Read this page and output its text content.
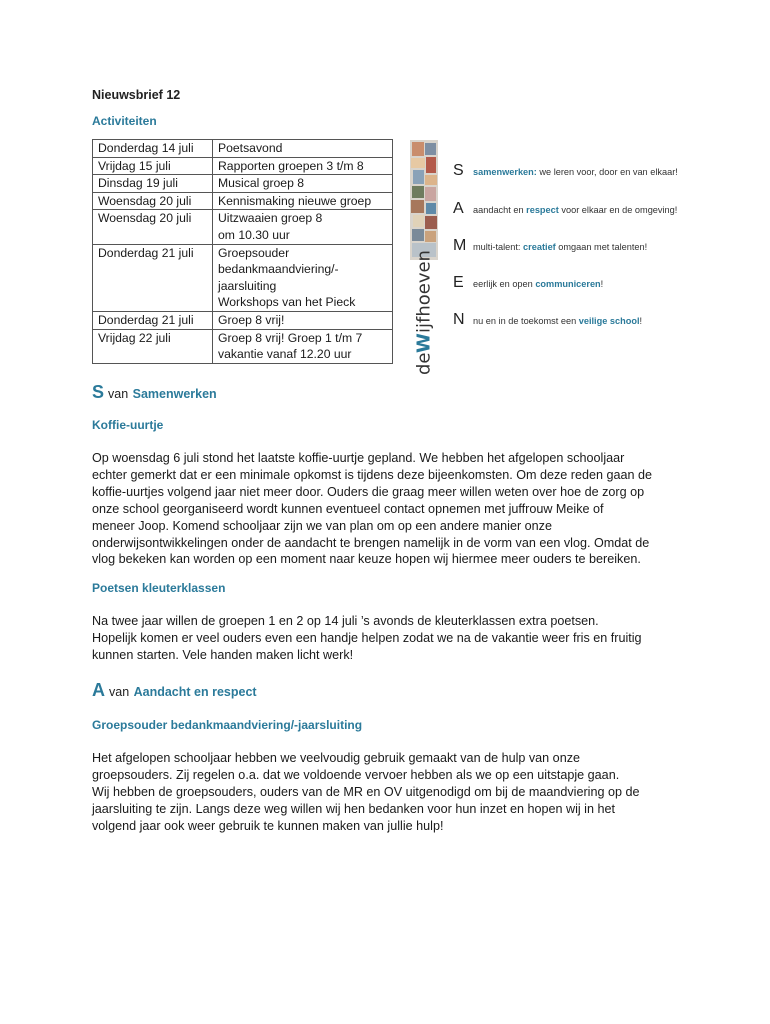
Nieuwsbrief 12
Activiteiten
Donderdag 14 juli	Poetsavond

Vrijdag 15 juli	Rapporten groepen 3 t/m 8

Dinsdag 19 juli	Musical groep 8

Woensdag 20 juli	Kennismaking nieuwe groep

Woensdag 20 juli	Uitzwaaien groep 8
om 10.30 uur

Donderdag 21 juli	Groepsouder
bedankmaandviering/-
jaarsluiting
Workshops van het Pieck

Donderdag 21 juli	Groep 8 vrij!

Vrijdag 22 juli	Groep 8 vrij! Groep 1 t/m 7
vakantie vanaf 12.20 uur	de
W
ijfhoeven
S	samenwerken: we leren voor, door en van elkaar!
A	aandacht en respect voor elkaar en de omgeving!
M multi-talent: creatief omgaan met talenten!
E	eerlijk en open communiceren!
N nu en in de toekomst een veilige school!
S van Samenwerken
Koffie-uurtje

Op woensdag 6 juli stond het laatste koffie-uurtje gepland. We hebben het afgelopen schooljaar
echter gemerkt dat er een minimale opkomst is tijdens deze bijeenkomsten. Om deze reden gaan de
koffie-uurtjes volgend jaar niet meer door. Ouders die graag meer willen weten over hoe de zorg op
onze school georganiseerd wordt kunnen eventueel contact opnemen met juffrouw Meike of
meneer Joop. Komend schooljaar zijn we van plan om op een andere manier onze
onderwijsontwikkelingen onder de aandacht te brengen namelijk in de vorm van een vlog. Omdat de
vlog bekeken kan worden op een moment naar keuze hopen wij hiermee meer ouders te bereiken.

Poetsen kleuterklassen

Na twee jaar willen de groepen 1 en 2 op 14 juli ’s avonds de kleuterklassen extra poetsen.
Hopelijk komen er veel ouders even een handje helpen zodat we na de vakantie weer fris en fruitig
kunnen starten. Vele handen maken licht werk!

A van Aandacht en respect
Groepsouder bedankmaandviering/-jaarsluiting

Het afgelopen schooljaar hebben we veelvoudig gebruik gemaakt van de hulp van onze
groepsouders. Zij regelen o.a. dat we voldoende vervoer hebben als we op een uitstapje gaan.
Wij hebben de groepsouders, ouders van de MR en OV uitgenodigd om bij de maandviering op de
jaarsluiting te zijn. Langs deze weg willen wij hen bedanken voor hun inzet en hopen wij in het
volgend jaar ook weer gebruik te kunnen maken van jullie hulp!
